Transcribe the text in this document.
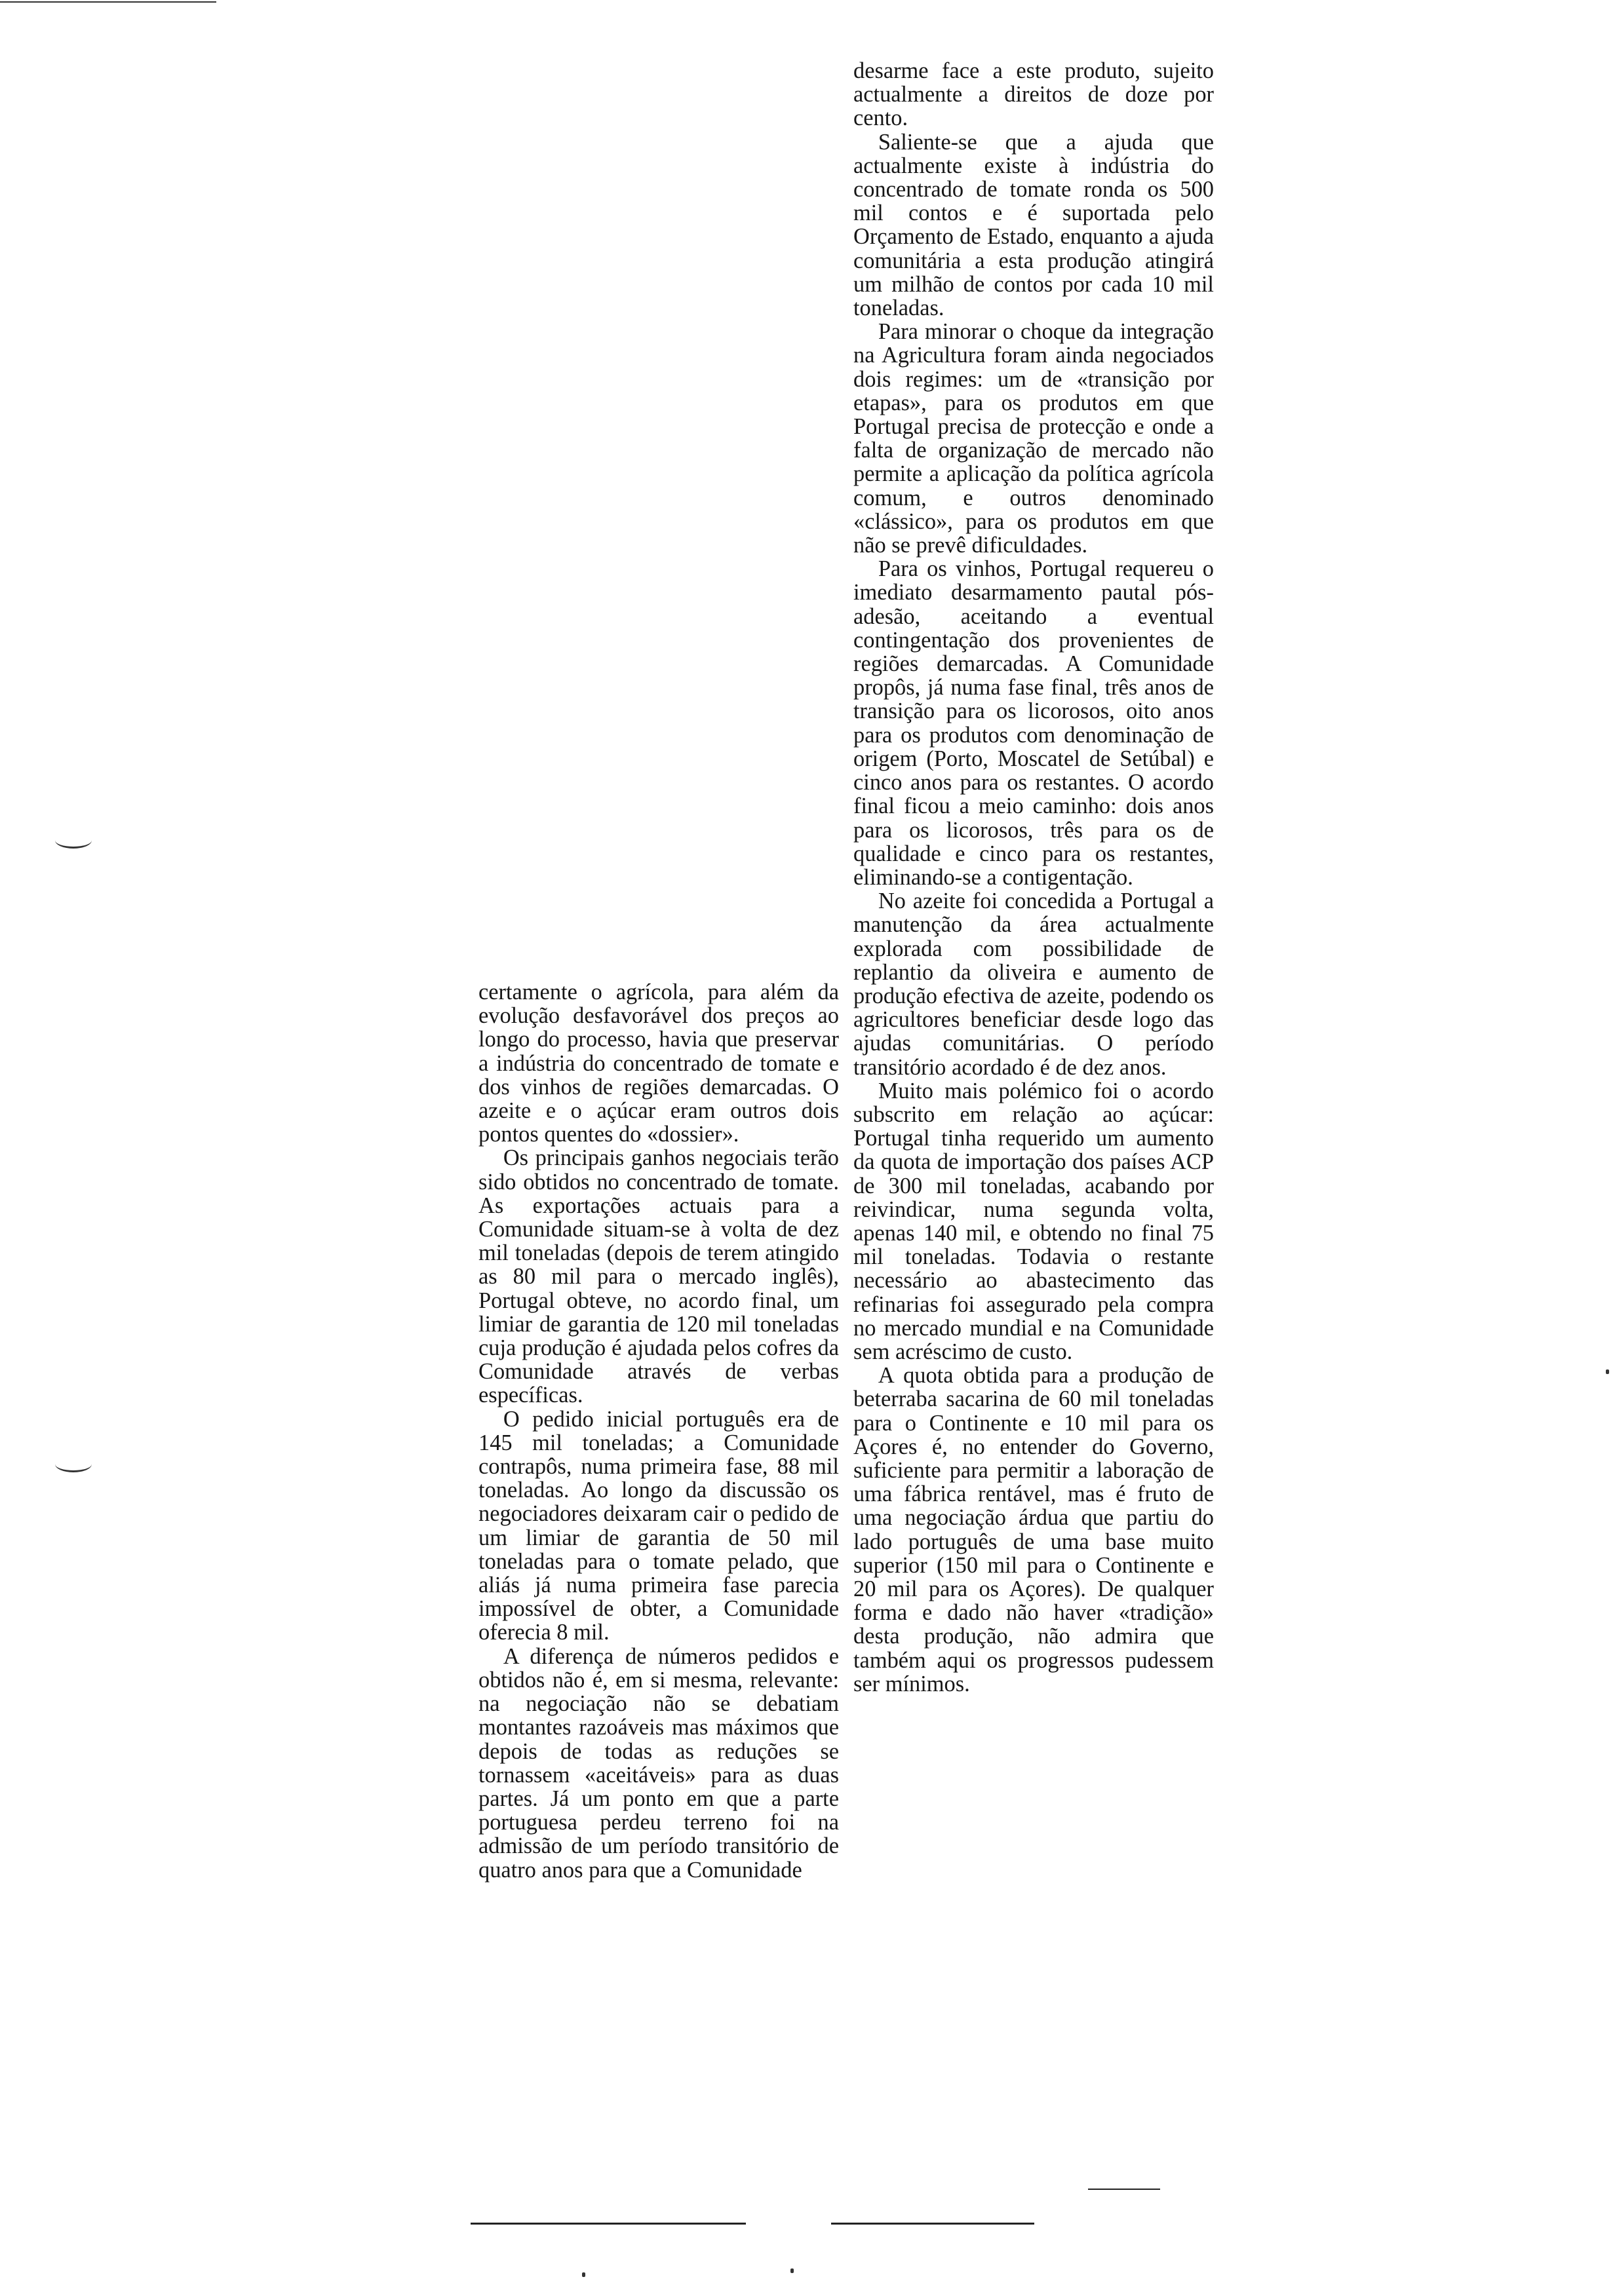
desarme face a este produto, sujeito actualmente a direitos de doze por cento.

Saliente-se que a ajuda que actualmente existe à indústria do concentrado de tomate ronda os 500 mil contos e é suportada pelo Orçamento de Estado, enquanto a ajuda comunitária a esta produção atingirá um milhão de contos por cada 10 mil toneladas.

Para minorar o choque da integração na Agricultura foram ainda negociados dois regimes: um de «transição por etapas», para os produtos em que Portugal precisa de protecção e onde a falta de organização de mercado não permite a aplicação da política agrícola comum, e outros denominado «clássico», para os produtos em que não se prevê dificuldades.

Para os vinhos, Portugal requereu o imediato desarmamento pautal pós-adesão, aceitando a eventual contingentação dos provenientes de regiões demarcadas. A Comunidade propôs, já numa fase final, três anos de transição para os licorosos, oito anos para os produtos com denominação de origem (Porto, Moscatel de Setúbal) e cinco anos para os restantes. O acordo final ficou a meio caminho: dois anos para os licorosos, três para os de qualidade e cinco para os restantes, eliminando-se a contigentação.

No azeite foi concedida a Portugal a manutenção da área actualmente explorada com possibilidade de replantio da oliveira e aumento de produção efectiva de azeite, podendo os agricultores beneficiar desde logo das ajudas comunitárias. O período transitório acordado é de dez anos.

Muito mais polémico foi o acordo subscrito em relação ao açúcar: Portugal tinha requerido um aumento da quota de importação dos países ACP de 300 mil toneladas, acabando por reivindicar, numa segunda volta, apenas 140 mil, e obtendo no final 75 mil toneladas. Todavia o restante necessário ao abastecimento das refinarias foi assegurado pela compra no mercado mundial e na Comunidade sem acréscimo de custo.

A quota obtida para a produção de beterraba sacarina de 60 mil toneladas para o Continente e 10 mil para os Açores é, no entender do Governo, suficiente para permitir a laboração de uma fábrica rentável, mas é fruto de uma negociação árdua que partiu do lado português de uma base muito superior (150 mil para o Continente e 20 mil para os Açores). De qualquer forma e dado não haver «tradição» desta produção, não admira que também aqui os progressos pudessem ser mínimos.

certamente o agrícola, para além da evolução desfavorável dos preços ao longo do processo, havia que preservar a indústria do concentrado de tomate e dos vinhos de regiões demarcadas. O azeite e o açúcar eram outros dois pontos quentes do «dossier».

Os principais ganhos negociais terão sido obtidos no concentrado de tomate. As exportações actuais para a Comunidade situam-se à volta de dez mil toneladas (depois de terem atingido as 80 mil para o mercado inglês), Portugal obteve, no acordo final, um limiar de garantia de 120 mil toneladas cuja produção é ajudada pelos cofres da Comunidade através de verbas específicas.

O pedido inicial português era de 145 mil toneladas; a Comunidade contrapôs, numa primeira fase, 88 mil toneladas. Ao longo da discussão os negociadores deixaram cair o pedido de um limiar de garantia de 50 mil toneladas para o tomate pelado, que aliás já numa primeira fase parecia impossível de obter, a Comunidade oferecia 8 mil.

A diferença de números pedidos e obtidos não é, em si mesma, relevante: na negociação não se debatiam montantes razoáveis mas máximos que depois de todas as reduções se tornassem «aceitáveis» para as duas partes. Já um ponto em que a parte portuguesa perdeu terreno foi na admissão de um período transitório de quatro anos para que a Comunidade
